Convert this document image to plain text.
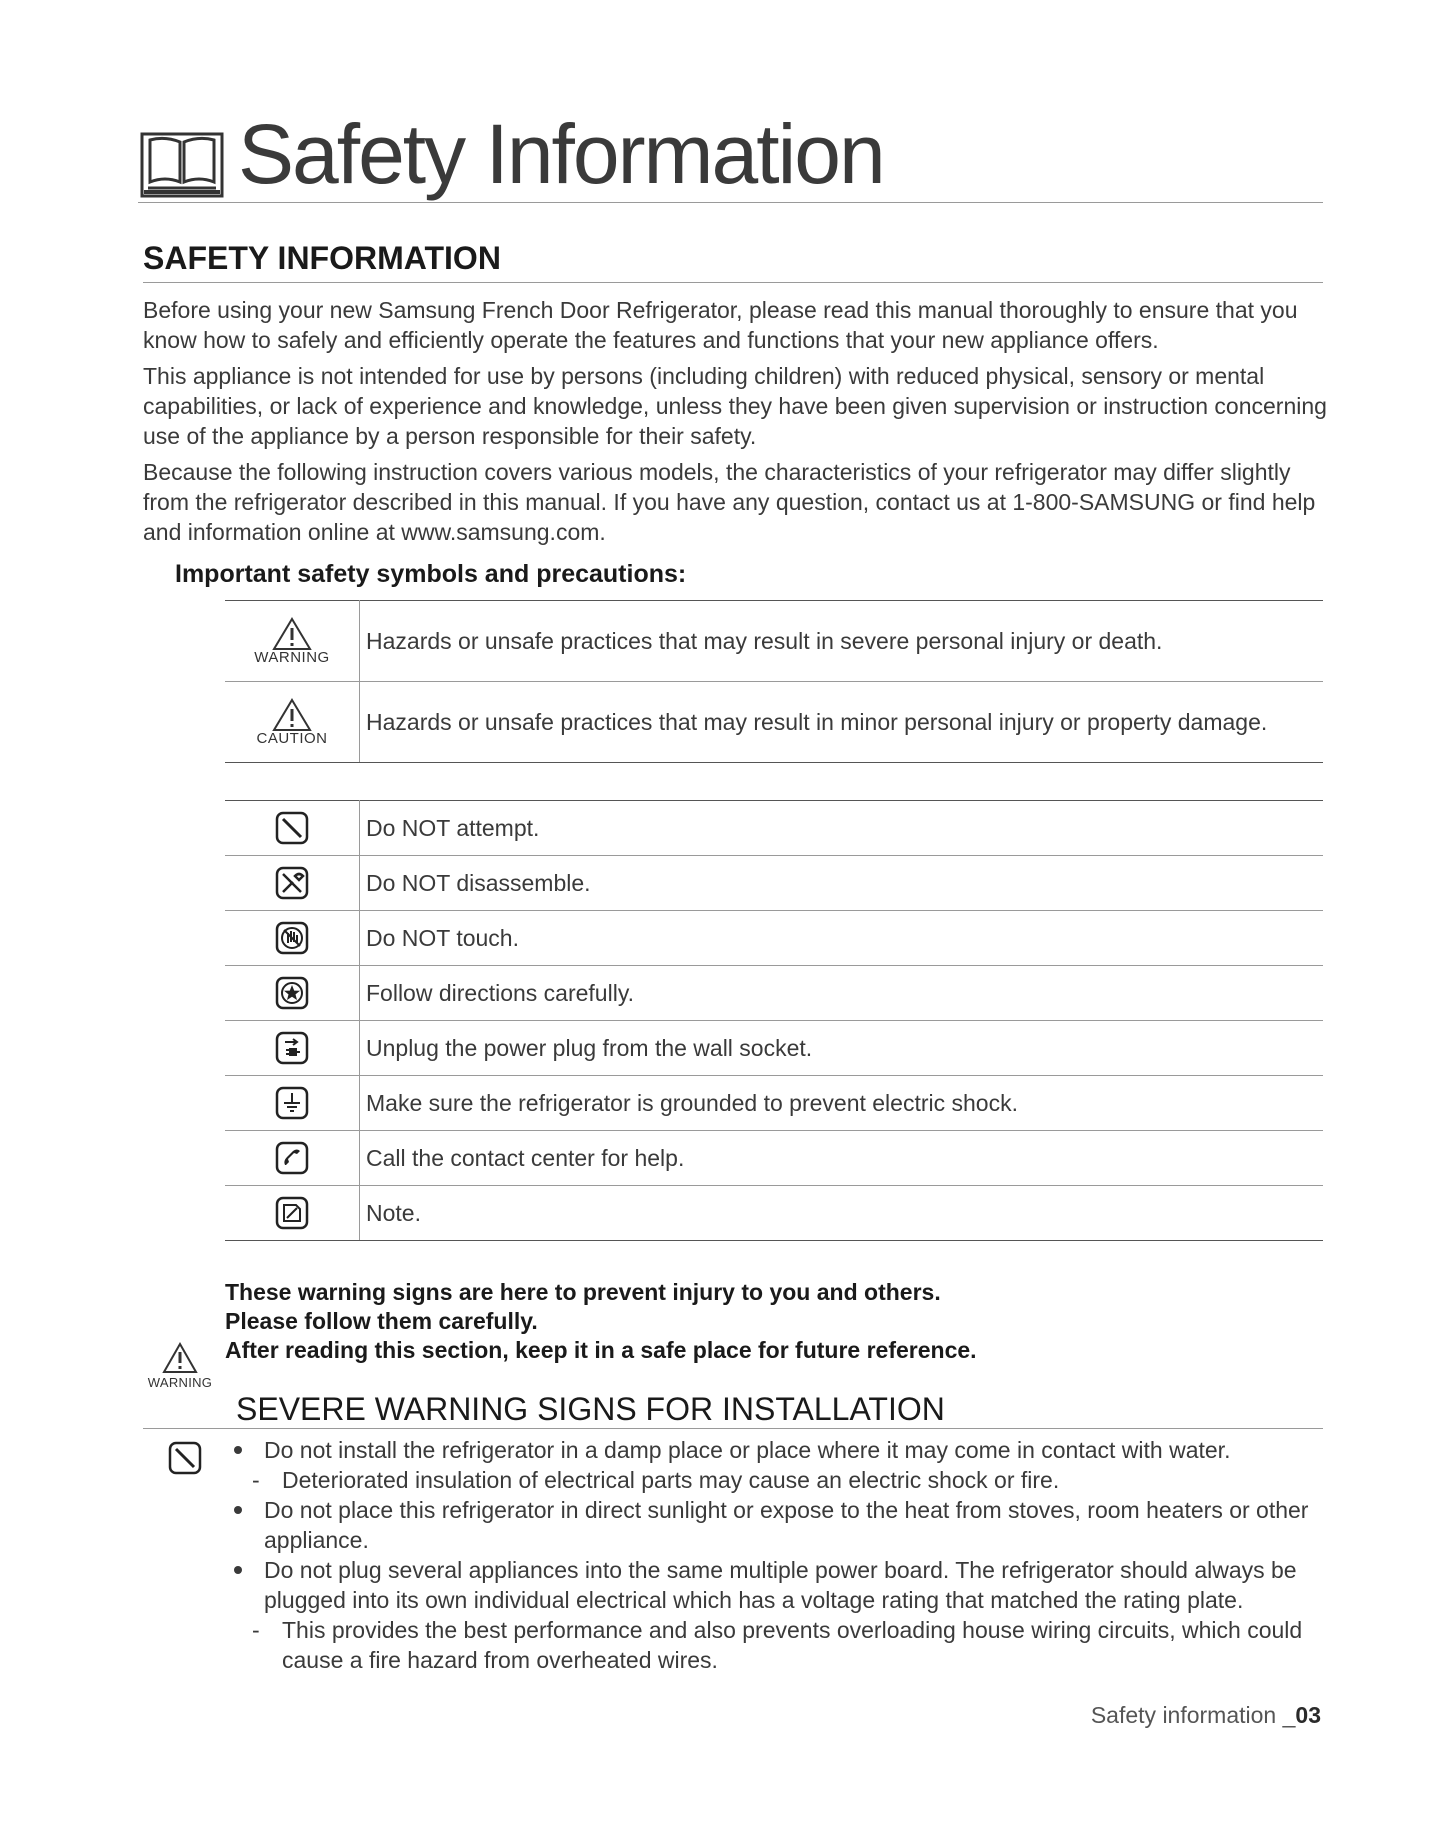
Safety Information
SAFETY INFORMATION

Before using your new Samsung French Door Refrigerator, please read this manual thoroughly to ensure that you know how to safely and efficiently operate the features and functions that your new appliance offers.

This appliance is not intended for use by persons (including children) with reduced physical, sensory or mental capabilities, or lack of experience and knowledge, unless they have been given supervision or instruction concerning use of the appliance by a person responsible for their safety.

Because the following instruction covers various models, the characteristics of your refrigerator may differ slightly from the refrigerator described in this manual. If you have any question, contact us at 1-800-SAMSUNG or find help and information online at www.samsung.com.

Important safety symbols and precautions:
WARNING	Hazards or unsafe practices that may result in severe personal injury or death.

CAUTION	Hazards or unsafe practices that may result in minor personal injury or property damage.
	Do NOT attempt.

	Do NOT disassemble.

	Do NOT touch.

	Follow directions carefully.

	Unplug the power plug from the wall socket.

	Make sure the refrigerator is grounded to prevent electric shock.

	Call the contact center for help.

	Note.
These warning signs are here to prevent injury to you and others.
Please follow them carefully.
After reading this section, keep it in a safe place for future reference.
WARNING
SEVERE WARNING SIGNS FOR INSTALLATION
Do not install the refrigerator in a damp place or place where it may come in contact with water.
- Deteriorated insulation of electrical parts may cause an electric shock or fire.
Do not place this refrigerator in direct sunlight or expose to the heat from stoves, room heaters or other appliance.
Do not plug several appliances into the same multiple power board. The refrigerator should always be plugged into its own individual electrical which has a voltage rating that matched the rating plate.
- This provides the best performance and also prevents overloading house wiring circuits, which could cause a fire hazard from overheated wires.
Safety information _03
